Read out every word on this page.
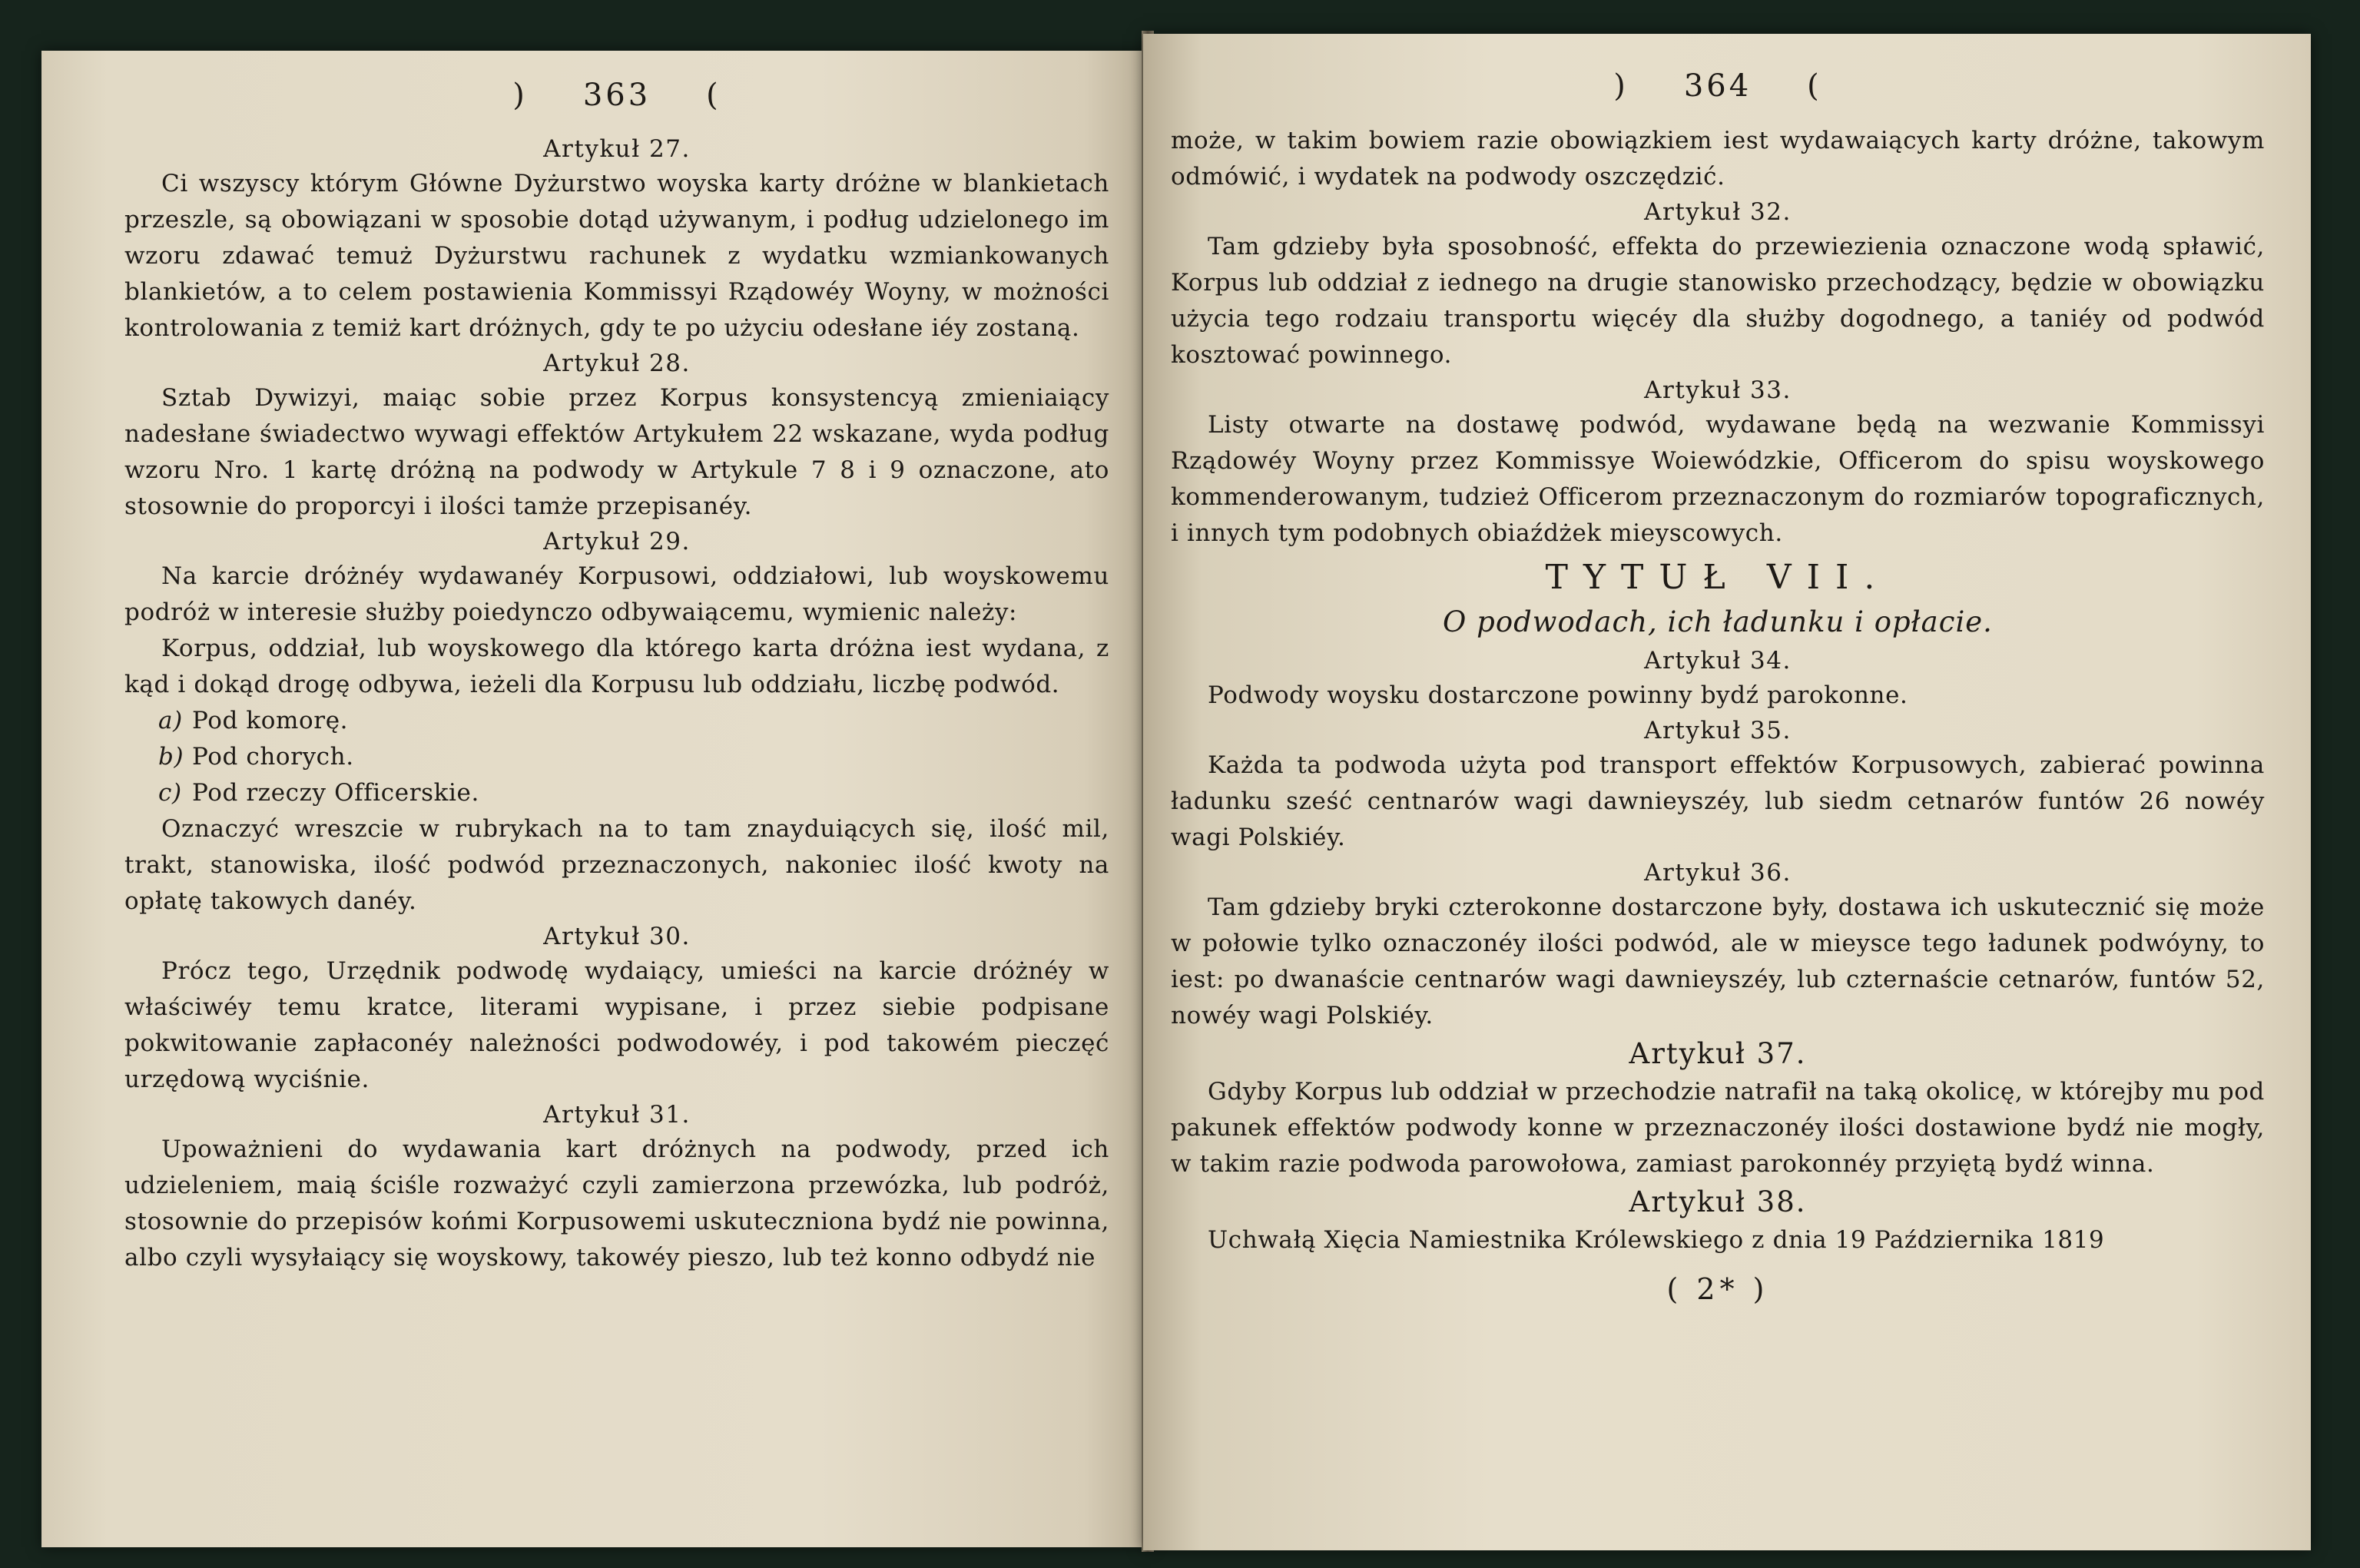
) 363 (

Artykuł 27.

Ci wszyscy którym Główne Dyżurstwo woyska karty dróżne w blankietach przeszle, są obowiązani w sposobie dotąd używanym, i podług udzielonego im wzoru zdawać temuż Dyżurstwu rachunek z wydatku wzmiankowanych blankietów, a to celem postawienia Kommissyi Rządowéy Woyny, w możności kontrolowania z temiż kart dróżnych, gdy te po użyciu odesłane iéy zostaną.

Artykuł 28.

Sztab Dywizyi, maiąc sobie przez Korpus konsystencyą zmieniaiący nadesłane świadectwo wywagi effektów Artykułem 22 wskazane, wyda podług wzoru Nro. 1 kartę dróżną na podwody w Artykule 7 8 i 9 oznaczone, ato stosownie do proporcyi i ilości tamże przepisanéy.

Artykuł 29.

Na karcie dróżnéy wydawanéy Korpusowi, oddziałowi, lub woyskowemu podróż w interesie służby poiedynczo odbywaiącemu, wymienic należy:

Korpus, oddział, lub woyskowego dla którego karta dróżna iest wydana, z kąd i dokąd drogę odbywa, ieżeli dla Korpusu lub oddziału, liczbę podwód.

a) Pod komorę.

b) Pod chorych.

c) Pod rzeczy Officerskie.

Oznaczyć wreszcie w rubrykach na to tam znayduiących się, ilość mil, trakt, stanowiska, ilość podwód przeznaczonych, nakoniec ilość kwoty na opłatę takowych danéy.

Artykuł 30.

Prócz tego, Urzędnik podwodę wydaiący, umieści na karcie dróżnéy w właściwéy temu kratce, literami wypisane, i przez siebie podpisane pokwitowanie zapłaconéy należności podwodowéy, i pod takowém pieczęć urzędową wyciśnie.

Artykuł 31.

Upoważnieni do wydawania kart dróżnych na podwody, przed ich udzieleniem, maią ściśle rozważyć czyli zamierzona przewózka, lub podróż, stosownie do przepisów końmi Korpusowemi uskuteczniona bydź nie powinna, albo czyli wysyłaiący się woyskowy, takowéy pieszo, lub też konno odbydź nie

) 364 (

może, w takim bowiem razie obowiązkiem iest wydawaiących karty dróżne, takowym odmówić, i wydatek na podwody oszczędzić.

Artykuł 32.

Tam gdzieby była sposobność, effekta do przewiezienia oznaczone wodą spławić, Korpus lub oddział z iednego na drugie stanowisko przechodzący, będzie w obowiązku użycia tego rodzaiu transportu więcéy dla służby dogodnego, a taniéy od podwód kosztować powinnego.

Artykuł 33.

Listy otwarte na dostawę podwód, wydawane będą na wezwanie Kommissyi Rządowéy Woyny przez Kommissye Woiewódzkie, Officerom do spisu woyskowego kommenderowanym, tudzież Officerom przeznaczonym do rozmiarów topograficznych, i innych tym podobnych obiaźdżek mieyscowych.

TYTUŁ VII.

O podwodach, ich ładunku i opłacie.

Artykuł 34.

Podwody woysku dostarczone powinny bydź parokonne.

Artykuł 35.

Każda ta podwoda użyta pod transport effektów Korpusowych, zabierać powinna ładunku sześć centnarów wagi dawnieyszéy, lub siedm cetnarów funtów 26 nowéy wagi Polskiéy.

Artykuł 36.

Tam gdzieby bryki czterokonne dostarczone były, dostawa ich uskutecznić się może w połowie tylko oznaczonéy ilości podwód, ale w mieysce tego ładunek podwóyny, to iest: po dwanaście centnarów wagi dawnieyszéy, lub czternaście cetnarów, funtów 52, nowéy wagi Polskiéy.

Artykuł 37.

Gdyby Korpus lub oddział w przechodzie natrafił na taką okolicę, w którejby mu pod pakunek effektów podwody konne w przeznaczonéy ilości dostawione bydź nie mogły, w takim razie podwoda parowołowa, zamiast parokonnéy przyiętą bydź winna.

Artykuł 38.

Uchwałą Xięcia Namiestnika Królewskiego z dnia 19 Października 1819

( 2* )
